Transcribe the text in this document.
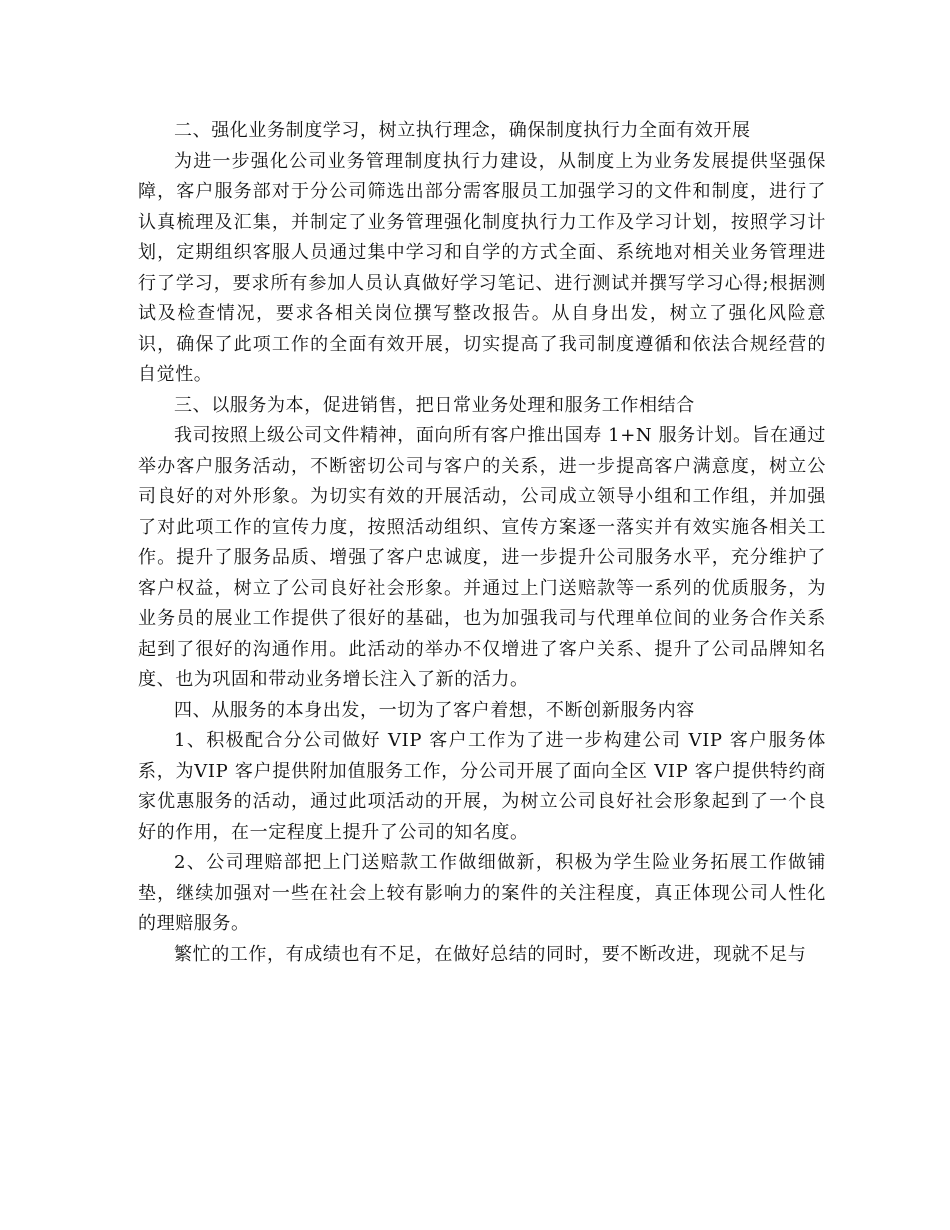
二、强化业务制度学习，树立执行理念，确保制度执行力全面有效开展

为进一步强化公司业务管理制度执行力建设，从制度上为业务发展提供坚强保障，客户服务部对于分公司筛选出部分需客服员工加强学习的文件和制度，进行了认真梳理及汇集，并制定了业务管理强化制度执行力工作及学习计划，按照学习计划，定期组织客服人员通过集中学习和自学的方式全面、系统地对相关业务管理进行了学习，要求所有参加人员认真做好学习笔记、进行测试并撰写学习心得;根据测试及检查情况，要求各相关岗位撰写整改报告。从自身出发，树立了强化风险意识，确保了此项工作的全面有效开展，切实提高了我司制度遵循和依法合规经营的自觉性。

三、以服务为本，促进销售，把日常业务处理和服务工作相结合

我司按照上级公司文件精神，面向所有客户推出国寿 1+N 服务计划。旨在通过举办客户服务活动，不断密切公司与客户的关系，进一步提高客户满意度，树立公司良好的对外形象。为切实有效的开展活动，公司成立领导小组和工作组，并加强了对此项工作的宣传力度，按照活动组织、宣传方案逐一落实并有效实施各相关工作。提升了服务品质、增强了客户忠诚度，进一步提升公司服务水平，充分维护了客户权益，树立了公司良好社会形象。并通过上门送赔款等一系列的优质服务，为业务员的展业工作提供了很好的基础，也为加强我司与代理单位间的业务合作关系起到了很好的沟通作用。此活动的举办不仅增进了客户关系、提升了公司品牌知名度、也为巩固和带动业务增长注入了新的活力。

四、从服务的本身出发，一切为了客户着想，不断创新服务内容

1、积极配合分公司做好 VIP 客户工作为了进一步构建公司 VIP 客户服务体系，为VIP 客户提供附加值服务工作，分公司开展了面向全区 VIP 客户提供特约商家优惠服务的活动，通过此项活动的开展，为树立公司良好社会形象起到了一个良好的作用，在一定程度上提升了公司的知名度。

2、公司理赔部把上门送赔款工作做细做新，积极为学生险业务拓展工作做铺垫，继续加强对一些在社会上较有影响力的案件的关注程度，真正体现公司人性化的理赔服务。

繁忙的工作，有成绩也有不足，在做好总结的同时，要不断改进，现就不足与
